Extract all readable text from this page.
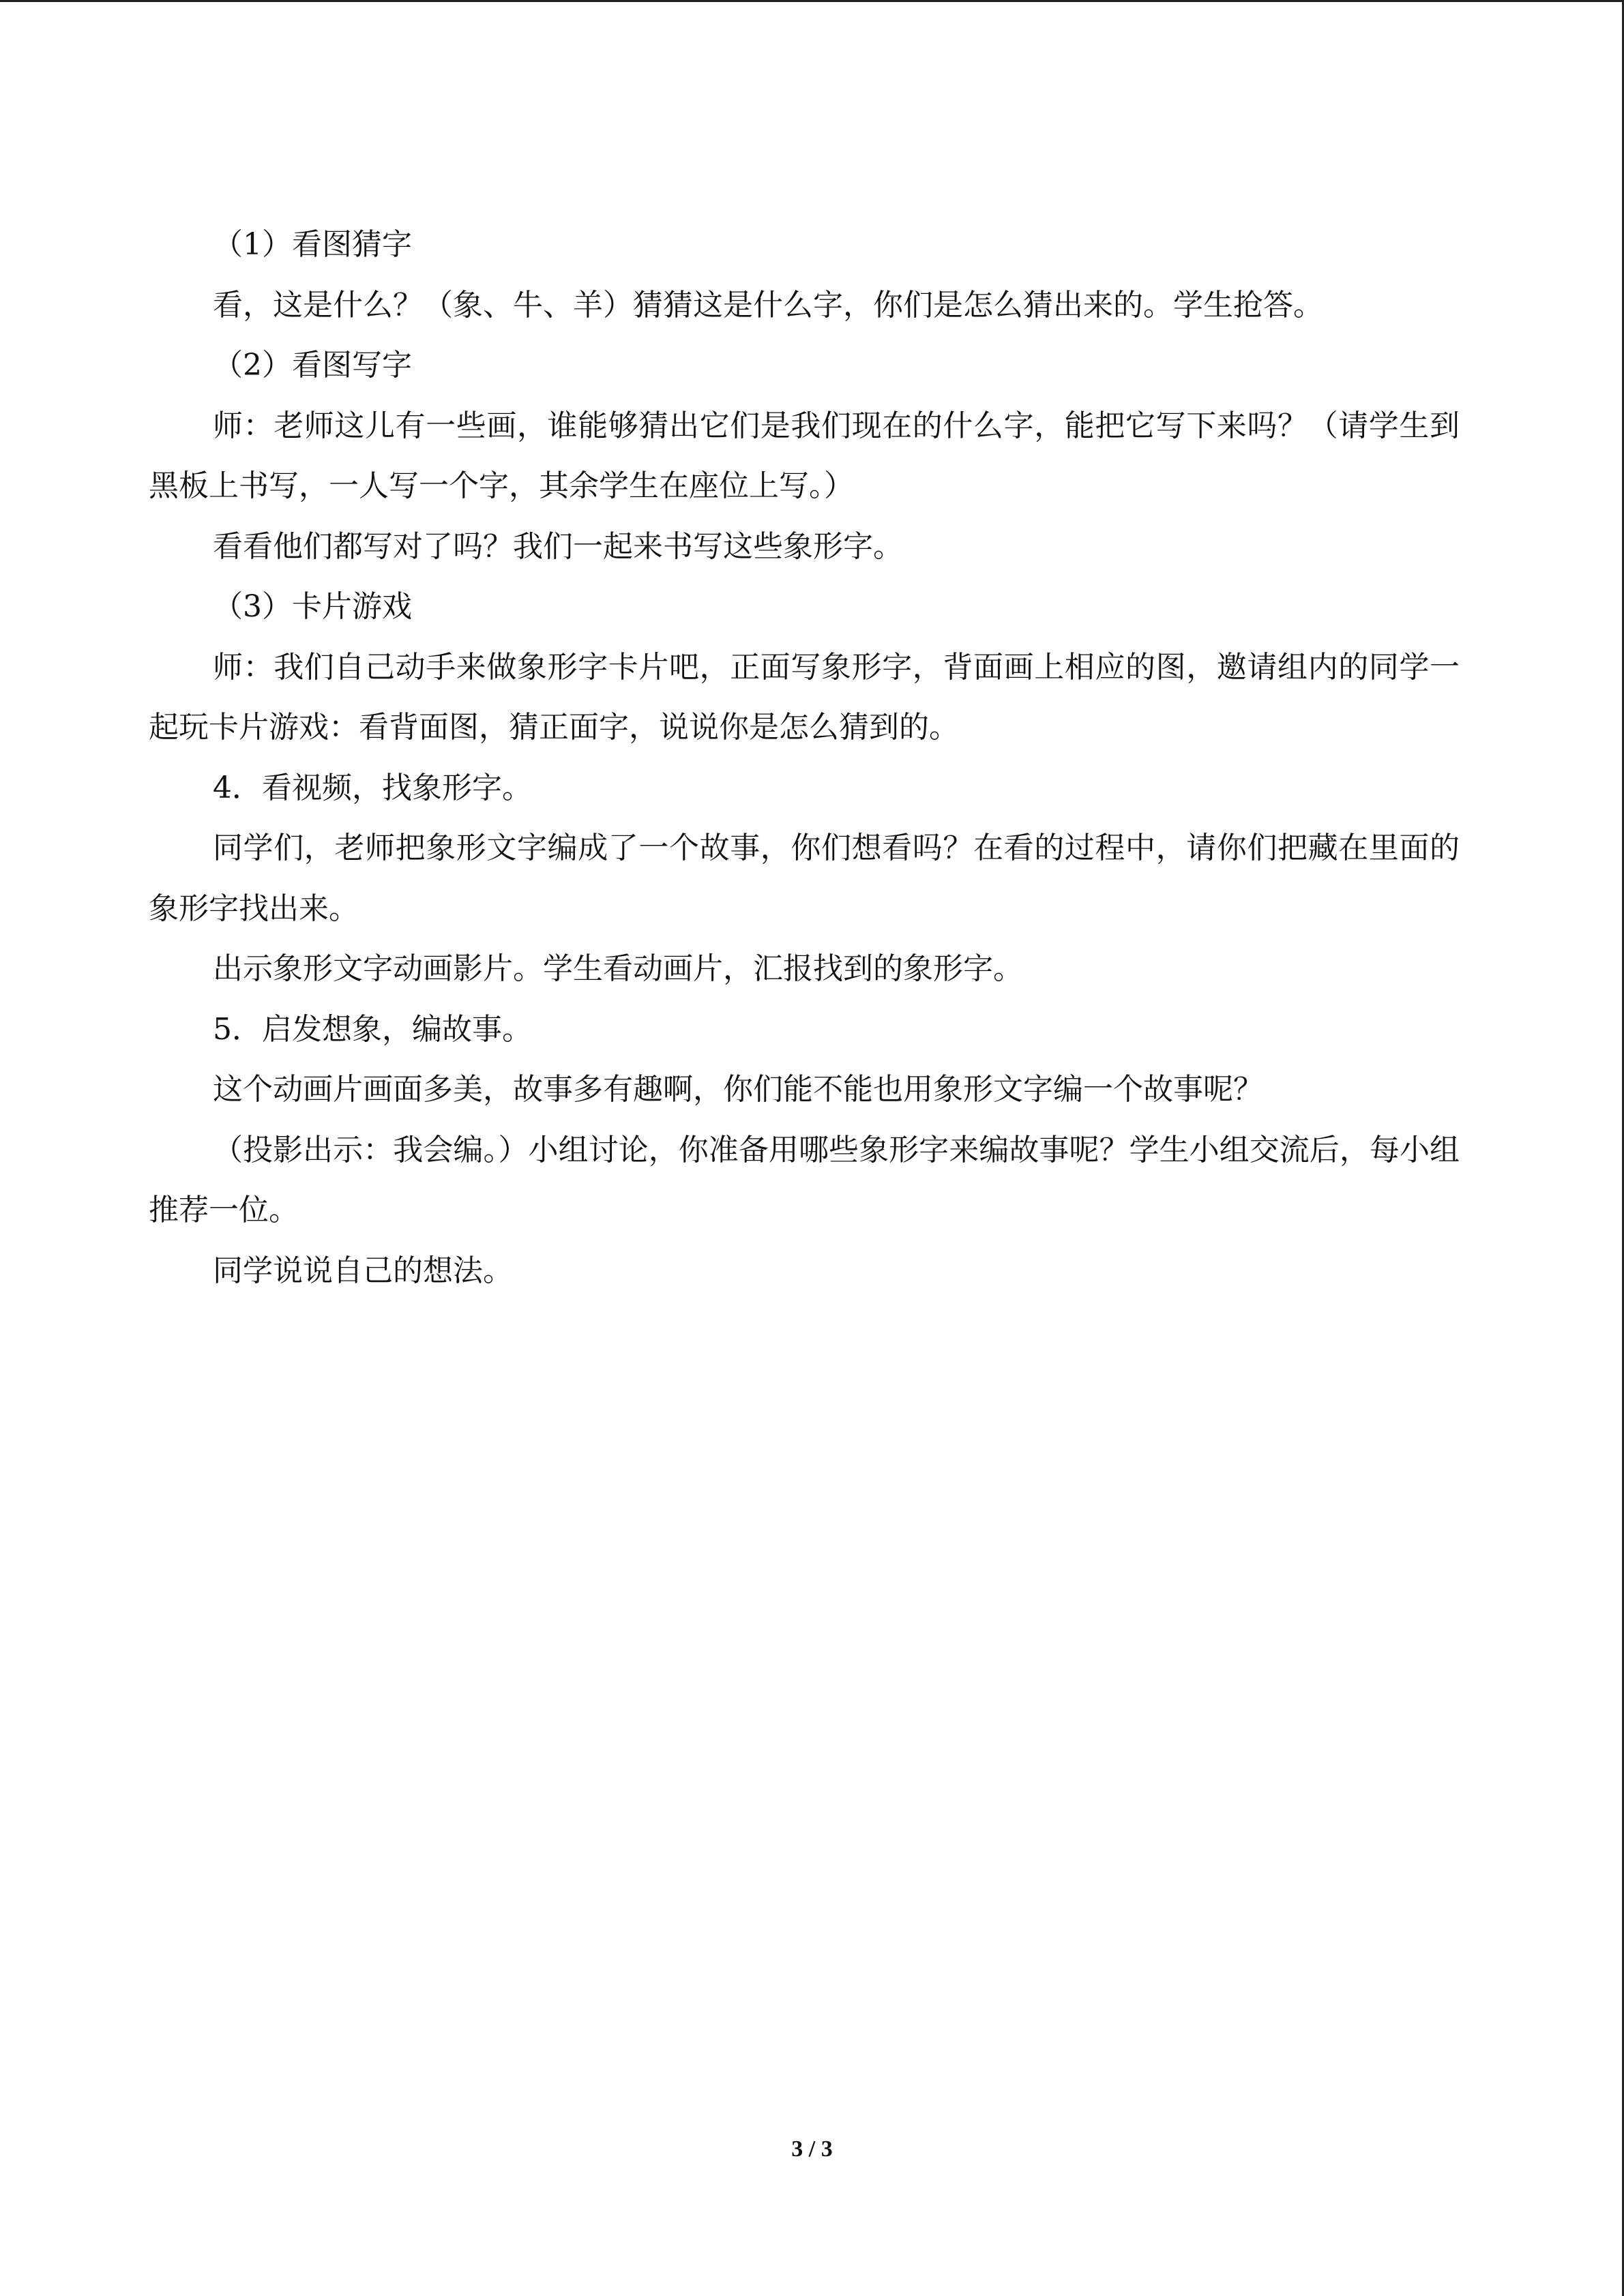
（1）看图猜字

看，这是什么？（象、牛、羊）猜猜这是什么字，你们是怎么猜出来的。学生抢答。

（2）看图写字

师：老师这儿有一些画，谁能够猜出它们是我们现在的什么字，能把它写下来吗？（请学生到黑板上书写，一人写一个字，其余学生在座位上写。）

看看他们都写对了吗？我们一起来书写这些象形字。

（3）卡片游戏

师：我们自己动手来做象形字卡片吧，正面写象形字，背面画上相应的图，邀请组内的同学一起玩卡片游戏：看背面图，猜正面字，说说你是怎么猜到的。

4．看视频，找象形字。

同学们，老师把象形文字编成了一个故事，你们想看吗？在看的过程中，请你们把藏在里面的象形字找出来。

出示象形文字动画影片。学生看动画片，汇报找到的象形字。

5．启发想象，编故事。

这个动画片画面多美，故事多有趣啊，你们能不能也用象形文字编一个故事呢？

（投影出示：我会编。）小组讨论，你准备用哪些象形字来编故事呢？学生小组交流后，每小组推荐一位。

同学说说自己的想法。

3 / 3
